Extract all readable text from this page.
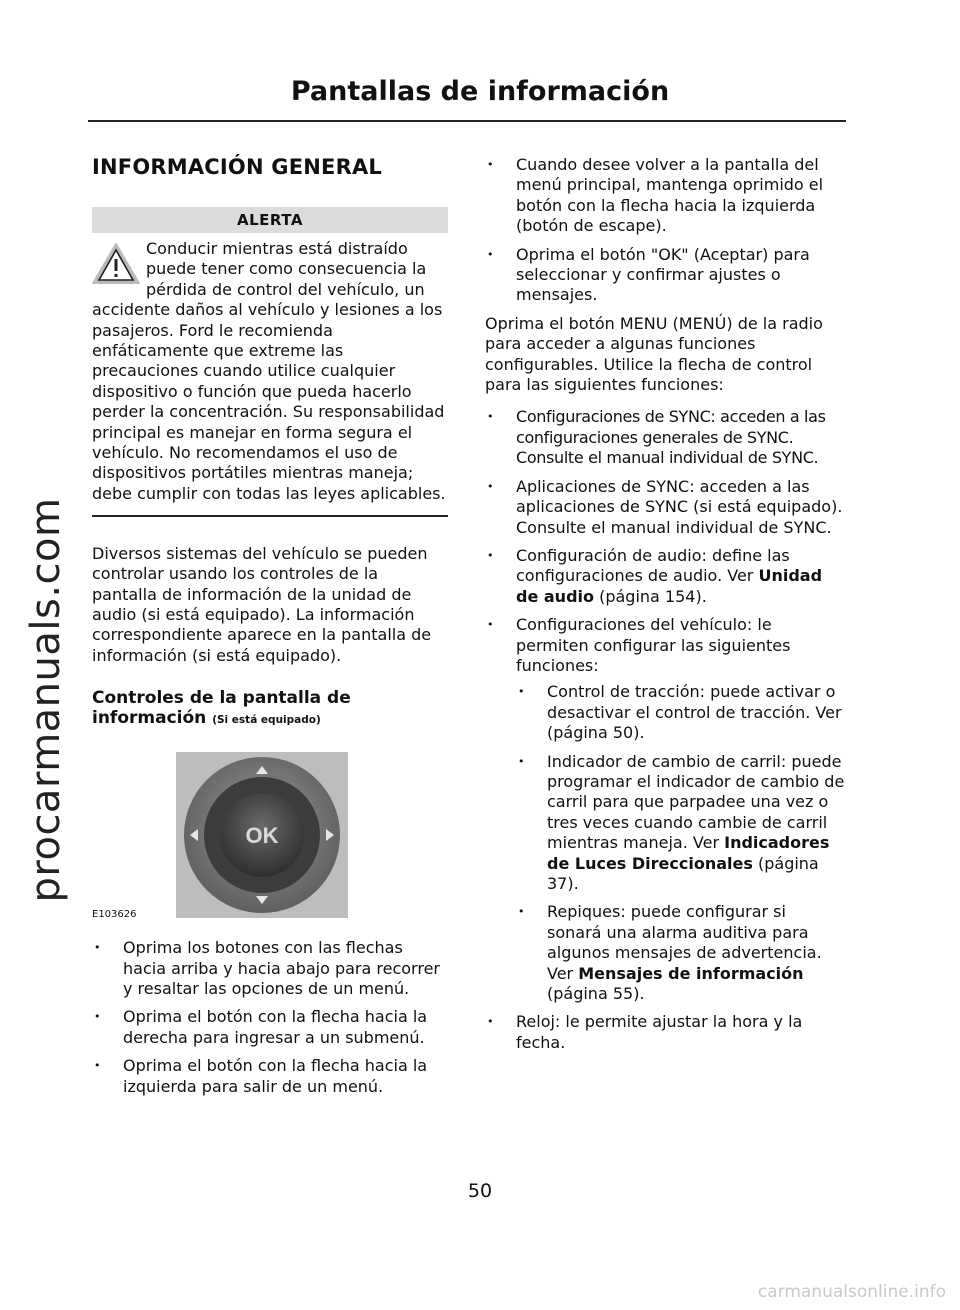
procarmanuals.com
Pantallas de información
INFORMACIÓN GENERAL
ALERTA
Conducir mientras está distraído puede tener como consecuencia la pérdida de control del vehículo, un accidente daños al vehículo y lesiones a los pasajeros. Ford le recomienda enfáticamente que extreme las precauciones cuando utilice cualquier dispositivo o función que pueda hacerlo perder la concentración. Su responsabilidad principal es manejar en forma segura el vehículo. No recomendamos el uso de dispositivos portátiles mientras maneja; debe cumplir con todas las leyes aplicables.

Diversos sistemas del vehículo se pueden controlar usando los controles de la pantalla de información de la unidad de audio (si está equipado). La información correspondiente aparece en la pantalla de información (si está equipado).

Controles de la pantalla de información (Si está equipado)
OK
E103626
• Oprima los botones con las flechas hacia arriba y hacia abajo para recorrer y resaltar las opciones de un menú.
• Oprima el botón con la flecha hacia la derecha para ingresar a un submenú.
• Oprima el botón con la flecha hacia la izquierda para salir de un menú.
• Cuando desee volver a la pantalla del menú principal, mantenga oprimido el botón con la flecha hacia la izquierda (botón de escape).
• Oprima el botón "OK" (Aceptar) para seleccionar y confirmar ajustes o mensajes.

Oprima el botón MENU (MENÚ) de la radio para acceder a algunas funciones configurables. Utilice la flecha de control para las siguientes funciones:

• Configuraciones de SYNC: acceden a las configuraciones generales de SYNC. Consulte el manual individual de SYNC.
• Aplicaciones de SYNC: acceden a las aplicaciones de SYNC (si está equipado). Consulte el manual individual de SYNC.
• Configuración de audio: define las configuraciones de audio. Ver Unidad de audio (página 154).
• Configuraciones del vehículo: le permiten configurar las siguientes funciones:
• Control de tracción: puede activar o desactivar el control de tracción. Ver (página 50).
• Indicador de cambio de carril: puede programar el indicador de cambio de carril para que parpadee una vez o tres veces cuando cambie de carril mientras maneja. Ver Indicadores de Luces Direccionales (página 37).
• Repiques: puede configurar si sonará una alarma auditiva para algunos mensajes de advertencia. Ver Mensajes de información (página 55).
• Reloj: le permite ajustar la hora y la fecha.
50
carmanualsonline.info
